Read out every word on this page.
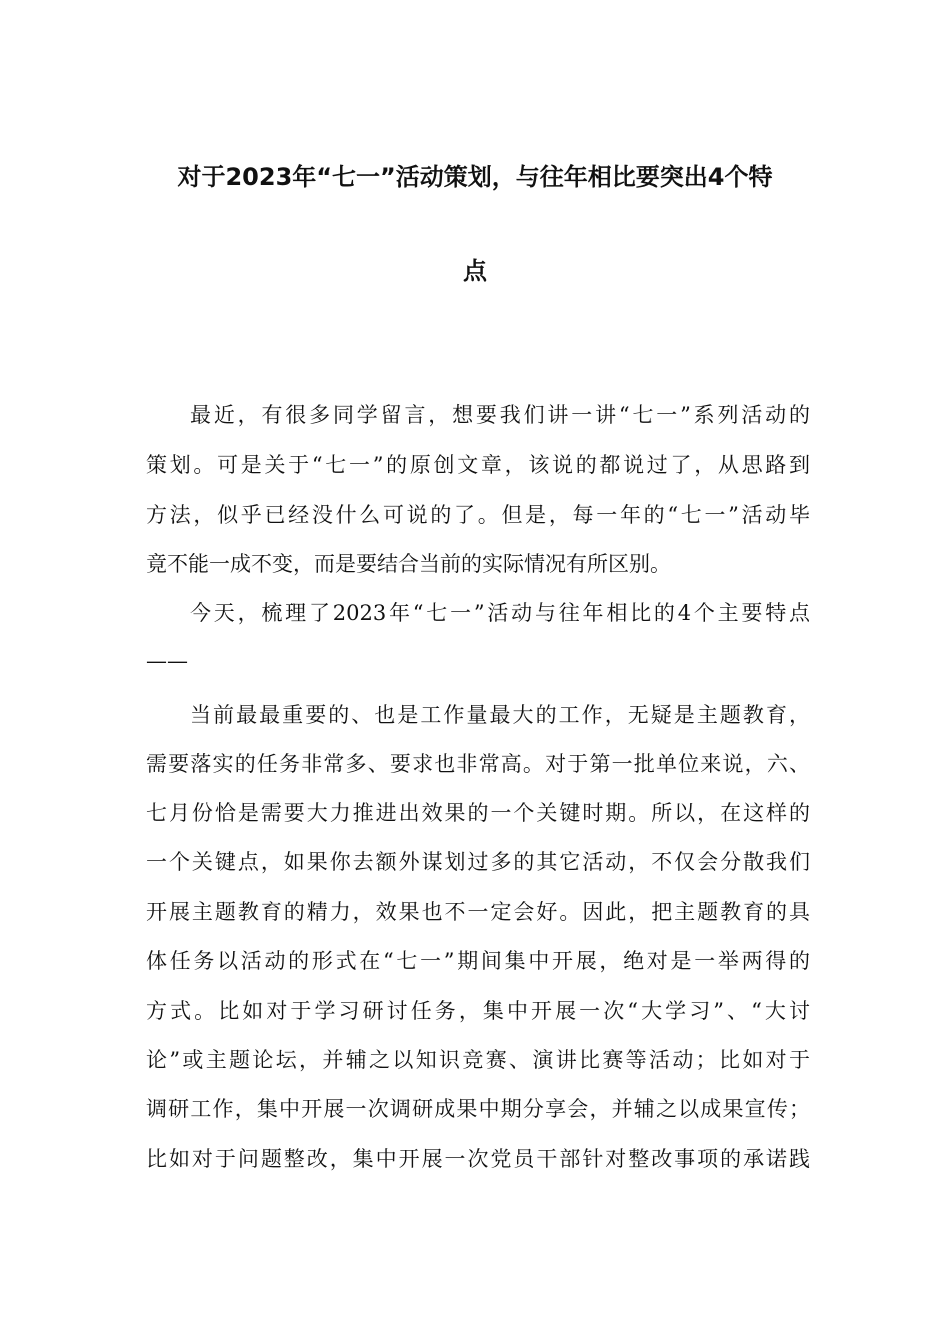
对于2023年“七一”活动策划，与往年相比要突出4个特
点

最近，有很多同学留言，想要我们讲一讲“七一”系列活动的

策划。可是关于“七一”的原创文章，该说的都说过了，从思路到

方法，似乎已经没什么可说的了。但是，每一年的“七一”活动毕

竟不能一成不变，而是要结合当前的实际情况有所区别。

今天，梳理了2023年“七一”活动与往年相比的4个主要特点

——

当前最最重要的、也是工作量最大的工作，无疑是主题教育，

需要落实的任务非常多、要求也非常高。对于第一批单位来说，六、

七月份恰是需要大力推进出效果的一个关键时期。所以，在这样的

一个关键点，如果你去额外谋划过多的其它活动，不仅会分散我们

开展主题教育的精力，效果也不一定会好。因此，把主题教育的具

体任务以活动的形式在“七一”期间集中开展，绝对是一举两得的

方式。比如对于学习研讨任务，集中开展一次“大学习”、“大讨

论”或主题论坛，并辅之以知识竞赛、演讲比赛等活动；比如对于

调研工作，集中开展一次调研成果中期分享会，并辅之以成果宣传；

比如对于问题整改，集中开展一次党员干部针对整改事项的承诺践
